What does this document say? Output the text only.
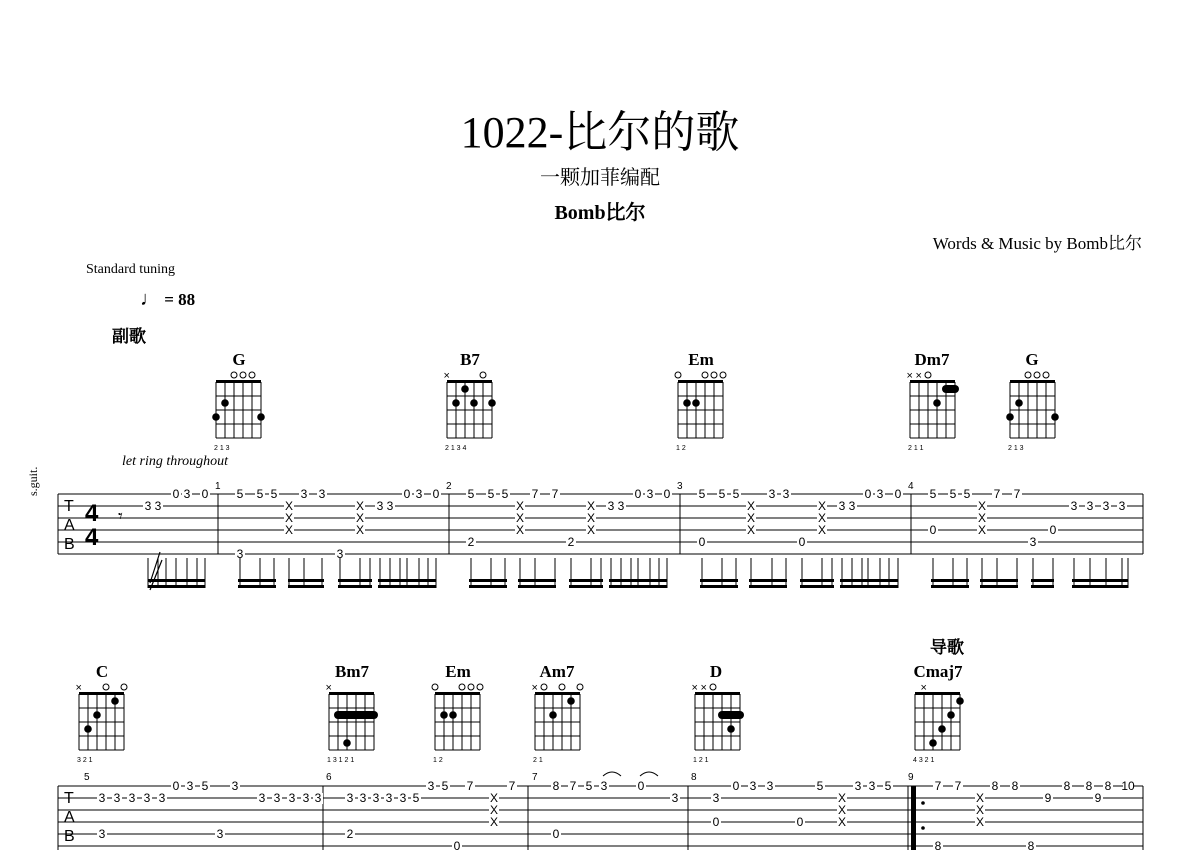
1022-比尔的歌
一颗加菲编配
Bomb比尔
Words & Music by Bomb比尔
Standard tuning
♩ = 88
副歌
导歌
let ring throughout
s.guit.
G	B7	Em	Dm7	G
C	Bm7	Em	Am7	D	Cmaj7
2 1 3
×
2 1 3 4	1 2
× ×
2 1 1	2 1 3
×
3 2 1
×
1 3 1 2 1	1 2
×
2 1
× ×
1 2 1
×
4 3 2 1
T
A
B
4
4
𝄾
1	2	3	4
3 3
0 3 0 5 5 5 3 3
3	3
3 3
0 3 0
X
X
X
X
X
X
5 5 5 7 7
2	2
3 3
0 3 0
X
X
X
X
X
X
5 5 5 3 3
0	0
3 3
0 3 0
X
X
X
X
X
X
5 5 5 7 7
0	0
3
3 3 3 3
X
X
X
T
A
B
5	6	7	8	9
3 3 3 3 3
0 3 5 3
3 3 3 3 3
3	3
3 3 3 3 3 5
3 5 7	7
2
0
X
X
X
8 7 5 3	0
3
0
3
0 3 3	5	3 3 5
0	0
X
X
X
7 7	8 8	8 8 8 10
9	9
X
X
X
8	8
